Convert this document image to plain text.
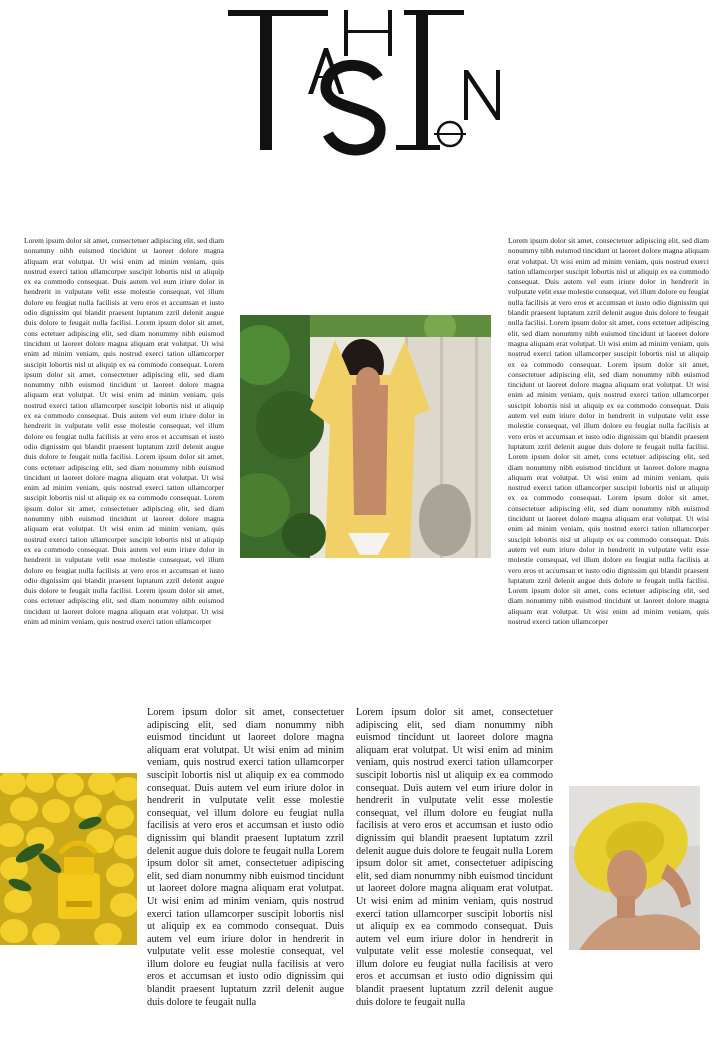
Lorem ipsum dolor sit amet, consectetuer adipiscing elit, sed diam nonummy nibh euismod tincidunt ut laoreet dolore magna aliquam erat volutpat. Ut wisi enim ad minim veniam, quis nostrud exerci tation ullamcorper suscipit lobortis nisl ut aliquip ex ea commodo consequat. Duis autem vel eum iriure dolor in hendrerit in vulputate velit esse molestie consequat, vel illum dolore eu feugiat nulla facilisis at vero eros et accumsan et iusto odio dignissim qui blandit praesent luptatum zzril delenit augue duis dolore te feugait nulla facilisi. Lorem ipsum dolor sit amet, cons ectetuer adipiscing elit, sed diam nonummy nibh euismod tincidunt ut laoreet dolore magna aliquam erat volutpat. Ut wisi enim ad minim veniam, quis nostrud exerci tation ullamcorper suscipit lobortis nisl ut aliquip ex ea commodo consequat. Lorem ipsum dolor sit amet, consectetuer adipiscing elit, sed diam nonummy nibh euismod tincidunt ut laoreet dolore magna aliquam erat volutpat. Ut wisi enim ad minim veniam, quis nostrud exerci tation ullamcorper suscipit lobortis nisl ut aliquip ex ea commodo consequat. Duis autem vel eum iriure dolor in hendrerit in vulputate velit esse molestie consequat, vel illum dolore eu feugiat nulla facilisis at vero eros et accumsan et iusto odio dignissim qui blandit praesent luptatum zzril delenit augue duis dolore te feugait nulla facilisi. Lorem ipsum dolor sit amet, cons ectetuer adipiscing elit, sed diam nonummy nibh euismod tincidunt ut laoreet dolore magna aliquam erat volutpat. Ut wisi enim ad minim veniam, quis nostrud exerci tation ullamcorper suscipit lobortis nisl ut aliquip ex ea commodo consequat. Lorem ipsum dolor sit amet, consectetuer adipiscing elit, sed diam nonummy nibh euismod tincidunt ut laoreet dolore magna aliquam erat volutpat. Ut wisi enim ad minim veniam, quis nostrud exerci tation ullamcorper suscipit lobortis nisl ut aliquip ex ea commodo consequat. Duis autem vel eum iriure dolor in hendrerit in vulputate velit esse molestie consequat, vel illum dolore eu feugiat nulla facilisis at vero eros et accumsan et iusto odio dignissim qui blandit praesent luptatum zzril delenit augue duis dolore te feugait nulla facilisi. Lorem ipsum dolor sit amet, cons ectetuer adipiscing elit, sed diam nonummy nibh euismod tincidunt ut laoreet dolore magna aliquam erat volutpat. Ut wisi enim ad minim veniam, quis nostrud exerci tation ullamcorper

Lorem ipsum dolor sit amet, consectetuer adipiscing elit, sed diam nonummy nibh euismod tincidunt ut laoreet dolore magna aliquam erat volutpat. Ut wisi enim ad minim veniam, quis nostrud exerci tation ullamcorper suscipit lobortis nisl ut aliquip ex ea commodo consequat. Duis autem vel eum iriure dolor in hendrerit in vulputate velit esse molestie consequat, vel illum dolore eu feugiat nulla facilisis at vero eros et accumsan et iusto odio dignissim qui blandit praesent luptatum zzril delenit augue duis dolore te feugait nulla facilisi. Lorem ipsum dolor sit amet, cons ectetuer adipiscing elit, sed diam nonummy nibh euismod tincidunt ut laoreet dolore magna aliquam erat volutpat. Ut wisi enim ad minim veniam, quis nostrud exerci tation ullamcorper suscipit lobortis nisl ut aliquip ex ea commodo consequat. Lorem ipsum dolor sit amet, consectetuer adipiscing elit, sed diam nonummy nibh euismod tincidunt ut laoreet dolore magna aliquam erat volutpat. Ut wisi enim ad minim veniam, quis nostrud exerci tation ullamcorper suscipit lobortis nisl ut aliquip ex ea commodo consequat. Duis autem vel eum iriure dolor in hendrerit in vulputate velit esse molestie consequat, vel illum dolore eu feugiat nulla facilisis at vero eros et accumsan et iusto odio dignissim qui blandit praesent luptatum zzril delenit augue duis dolore te feugait nulla facilisi. Lorem ipsum dolor sit amet, cons ectetuer adipiscing elit, sed diam nonummy nibh euismod tincidunt ut laoreet dolore magna aliquam erat volutpat. Ut wisi enim ad minim veniam, quis nostrud exerci tation ullamcorper suscipit lobortis nisl ut aliquip ex ea commodo consequat. Lorem ipsum dolor sit amet, consectetuer adipiscing elit, sed diam nonummy nibh euismod tincidunt ut laoreet dolore magna aliquam erat volutpat. Ut wisi enim ad minim veniam, quis nostrud exerci tation ullamcorper suscipit lobortis nisl ut aliquip ex ea commodo consequat. Duis autem vel eum iriure dolor in hendrerit in vulputate velit esse molestie consequat, vel illum dolore eu feugiat nulla facilisis at vero eros et accumsan et iusto odio dignissim qui blandit praesent luptatum zzril delenit augue duis dolore te feugait nulla facilisi. Lorem ipsum dolor sit amet, cons ectetuer adipiscing elit, sed diam nonummy nibh euismod tincidunt ut laoreet dolore magna aliquam erat volutpat. Ut wisi enim ad minim veniam, quis nostrud exerci tation ullamcorper

Lorem ipsum dolor sit amet, consectetuer adipiscing elit, sed diam nonummy nibh euismod tincidunt ut laoreet dolore magna aliquam erat volutpat. Ut wisi enim ad minim veniam, quis nostrud exerci tation ullamcorper suscipit lobortis nisl ut aliquip ex ea commodo consequat. Duis autem vel eum iriure dolor in hendrerit in vulputate velit esse molestie consequat, vel illum dolore eu feugiat nulla facilisis at vero eros et accumsan et iusto odio dignissim qui blandit praesent luptatum zzril delenit augue duis dolore te feugait nulla Lorem ipsum dolor sit amet, consectetuer adipiscing elit, sed diam nonummy nibh euismod tincidunt ut laoreet dolore magna aliquam erat volutpat. Ut wisi enim ad minim veniam, quis nostrud exerci tation ullamcorper suscipit lobortis nisl ut aliquip ex ea commodo consequat. Duis autem vel eum iriure dolor in hendrerit in vulputate velit esse molestie consequat, vel illum dolore eu feugiat nulla facilisis at vero eros et accumsan et iusto odio dignissim qui blandit praesent luptatum zzril delenit augue duis dolore te feugait nulla

Lorem ipsum dolor sit amet, consectetuer adipiscing elit, sed diam nonummy nibh euismod tincidunt ut laoreet dolore magna aliquam erat volutpat. Ut wisi enim ad minim veniam, quis nostrud exerci tation ullamcorper suscipit lobortis nisl ut aliquip ex ea commodo consequat. Duis autem vel eum iriure dolor in hendrerit in vulputate velit esse molestie consequat, vel illum dolore eu feugiat nulla facilisis at vero eros et accumsan et iusto odio dignissim qui blandit praesent luptatum zzril delenit augue duis dolore te feugait nulla Lorem ipsum dolor sit amet, consectetuer adipiscing elit, sed diam nonummy nibh euismod tincidunt ut laoreet dolore magna aliquam erat volutpat. Ut wisi enim ad minim veniam, quis nostrud exerci tation ullamcorper suscipit lobortis nisl ut aliquip ex ea commodo consequat. Duis autem vel eum iriure dolor in hendrerit in vulputate velit esse molestie consequat, vel illum dolore eu feugiat nulla facilisis at vero eros et accumsan et iusto odio dignissim qui blandit praesent luptatum zzril delenit augue duis dolore te feugait nulla
